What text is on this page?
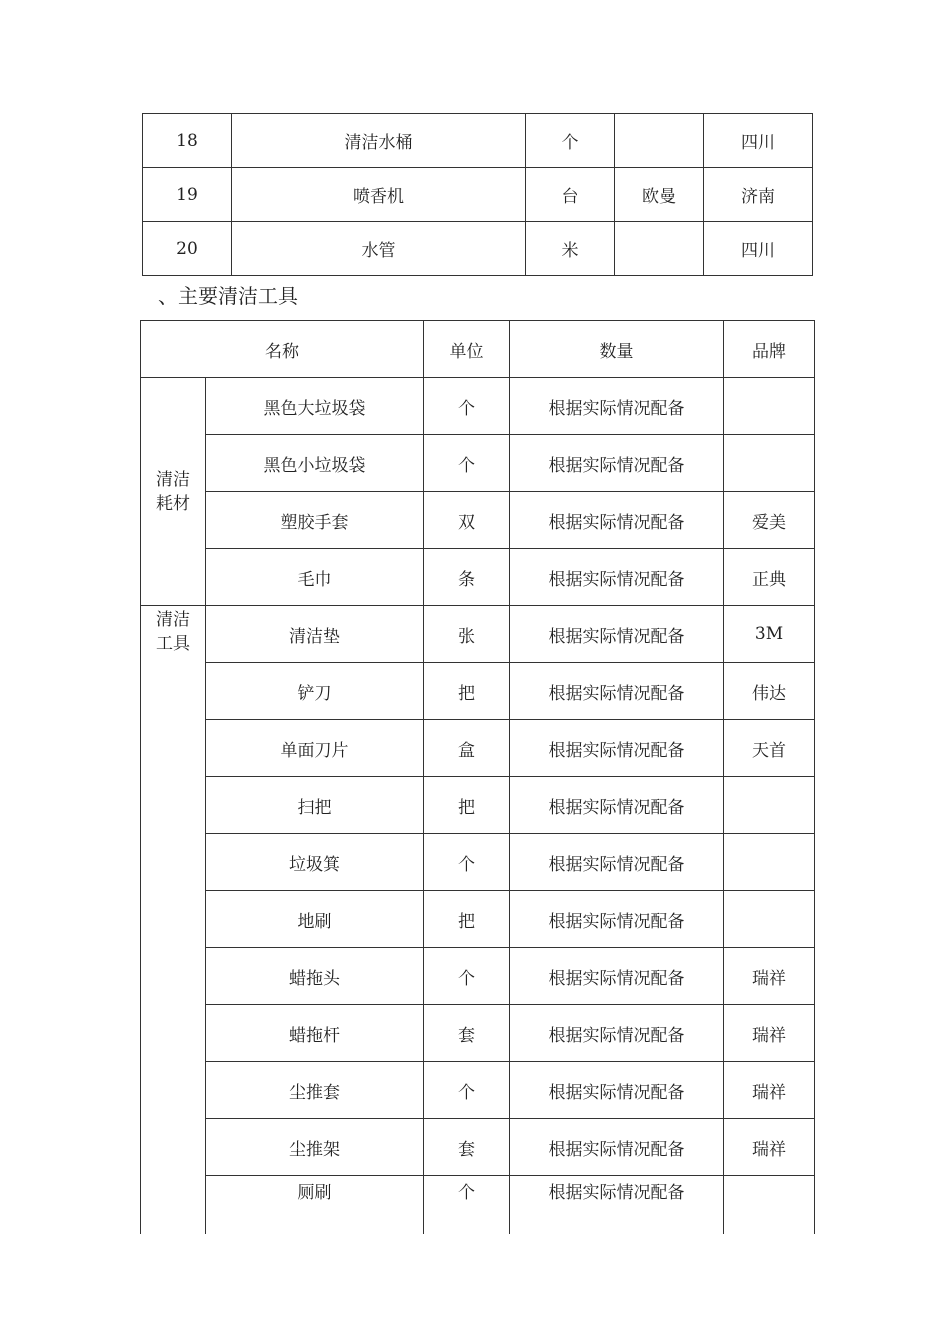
18	清洁水桶	个		四川
19	喷香机	台	欧曼	济南
20	水管	米		四川
、主要清洁工具
名称		单位	数量	品牌
清洁耗材	黑色大垃圾袋	个	根据实际情况配备	
	黑色小垃圾袋	个	根据实际情况配备	
	塑胶手套	双	根据实际情况配备	爱美
	毛巾	条	根据实际情况配备	正典
清洁 工具	清洁垫	张	根据实际情况配备	3M
	铲刀	把	根据实际情况配备	伟达
	单面刀片	盒	根据实际情况配备	天首
	扫把	把	根据实际情况配备	
	垃圾箕	个	根据实际情况配备	
	地刷	把	根据实际情况配备	
	蜡拖头	个	根据实际情况配备	瑞祥
	蜡拖杆	套	根据实际情况配备	瑞祥
	尘推套	个	根据实际情况配备	瑞祥
	尘推架	套	根据实际情况配备	瑞祥
	厕刷	个	根据实际情况配备	
